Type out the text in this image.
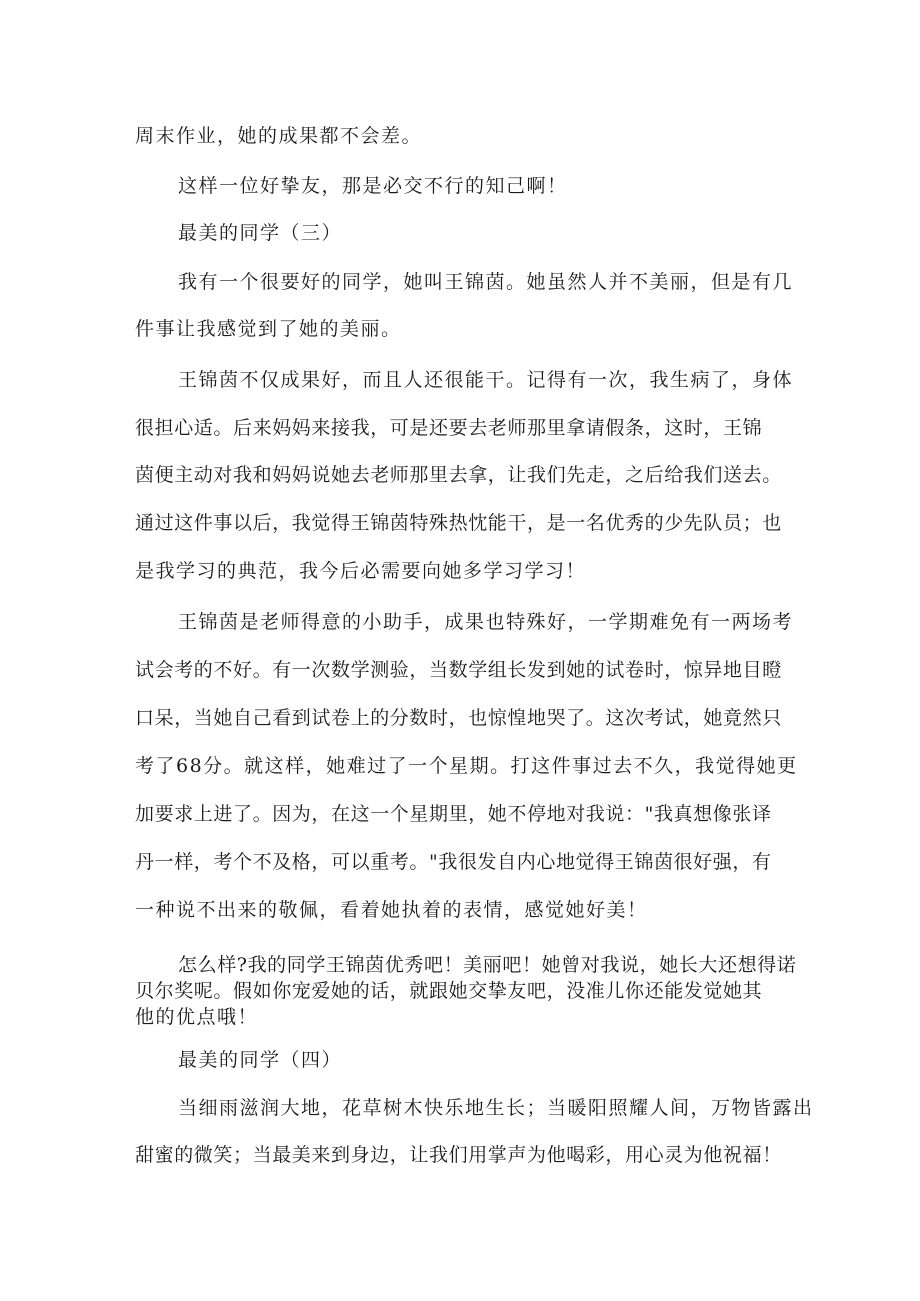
周末作业，她的成果都不会差。
这样一位好挚友，那是必交不行的知己啊！
最美的同学（三）
我有一个很要好的同学，她叫王锦茵。她虽然人并不美丽，但是有几
件事让我感觉到了她的美丽。
王锦茵不仅成果好，而且人还很能干。记得有一次，我生病了，身体
很担心适。后来妈妈来接我，可是还要去老师那里拿请假条，这时，王锦
茵便主动对我和妈妈说她去老师那里去拿，让我们先走，之后给我们送去。
通过这件事以后，我觉得王锦茵特殊热忱能干，是一名优秀的少先队员；也
是我学习的典范，我今后必需要向她多学习学习！
王锦茵是老师得意的小助手，成果也特殊好，一学期难免有一两场考
试会考的不好。有一次数学测验，当数学组长发到她的试卷时，惊异地目瞪
口呆，当她自己看到试卷上的分数时，也惊惶地哭了。这次考试，她竟然只
考了68分。就这样，她难过了一个星期。打这件事过去不久，我觉得她更
加要求上进了。因为，在这一个星期里，她不停地对我说："我真想像张译
丹一样，考个不及格，可以重考。"我很发自内心地觉得王锦茵很好强，有
一种说不出来的敬佩，看着她执着的表情，感觉她好美！
怎么样?我的同学王锦茵优秀吧！美丽吧！她曾对我说，她长大还想得诺
贝尔奖呢。假如你宠爱她的话，就跟她交挚友吧，没准儿你还能发觉她其
他的优点哦！
最美的同学（四）
当细雨滋润大地，花草树木快乐地生长；当暖阳照耀人间，万物皆露出
甜蜜的微笑；当最美来到身边，让我们用掌声为他喝彩，用心灵为他祝福！
